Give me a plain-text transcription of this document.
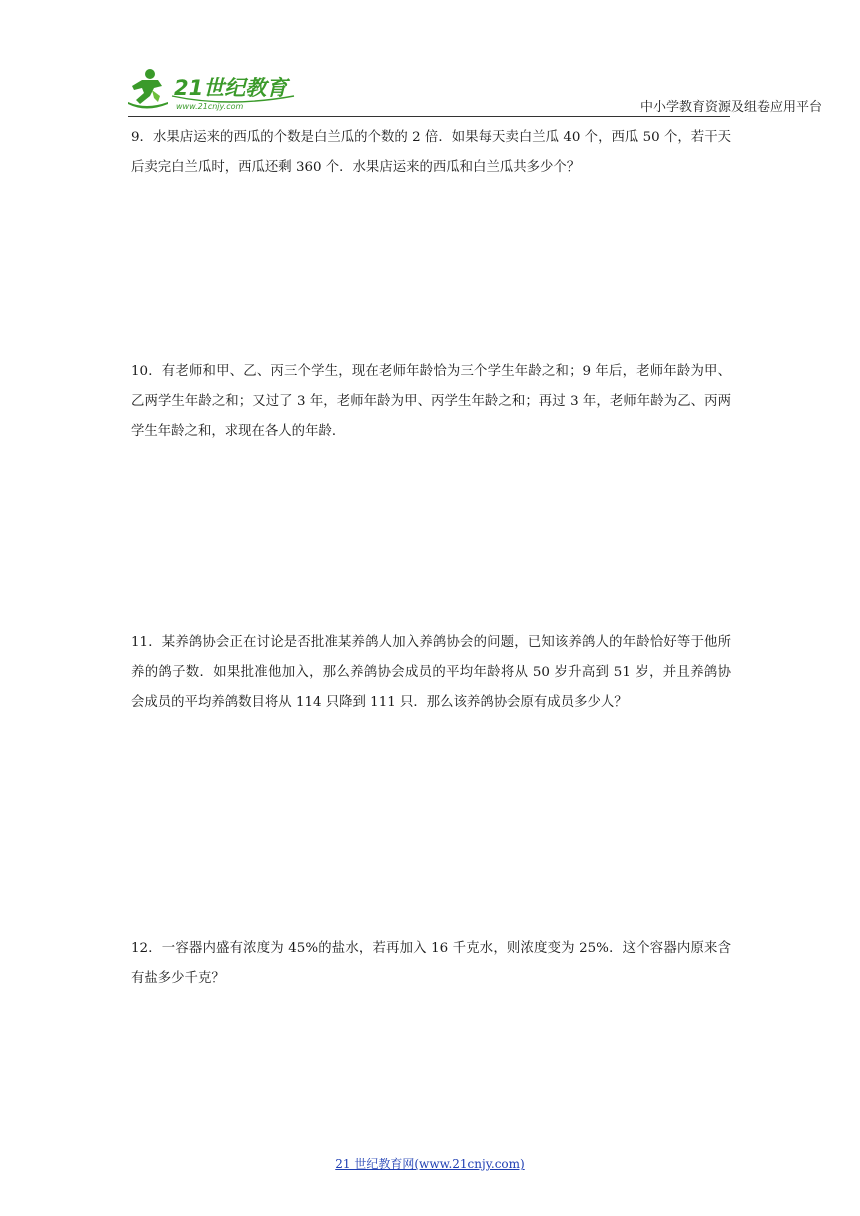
21世纪教育
www.21cnjy.com	中小学教育资源及组卷应用平台

9．水果店运来的西瓜的个数是白兰瓜的个数的 2 倍．如果每天卖白兰瓜 40 个，西瓜 50 个，若干天后卖完白兰瓜时，西瓜还剩 360 个．水果店运来的西瓜和白兰瓜共多少个？

10．有老师和甲、乙、丙三个学生，现在老师年龄恰为三个学生年龄之和；9 年后，老师年龄为甲、乙两学生年龄之和；又过了 3 年，老师年龄为甲、丙学生年龄之和；再过 3 年，老师年龄为乙、丙两学生年龄之和，求现在各人的年龄．

11．某养鸽协会正在讨论是否批准某养鸽人加入养鸽协会的问题，已知该养鸽人的年龄恰好等于他所养的鸽子数．如果批准他加入，那么养鸽协会成员的平均年龄将从 50 岁升高到 51 岁，并且养鸽协会成员的平均养鸽数目将从 114 只降到 111 只．那么该养鸽协会原有成员多少人？

12．一容器内盛有浓度为 45%的盐水，若再加入 16 千克水，则浓度变为 25%．这个容器内原来含有盐多少千克？

21 世纪教育网(www.21cnjy.com)
